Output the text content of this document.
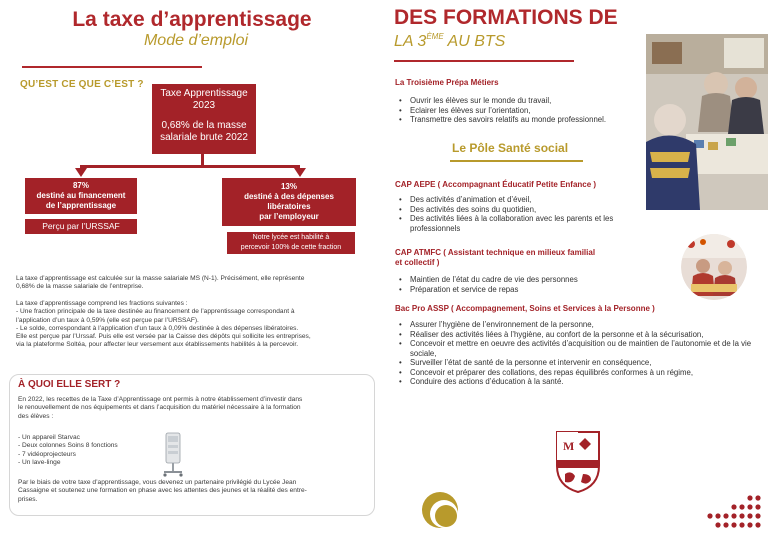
La taxe d’apprentissage
Mode d’emploi
QU’EST CE QUE C’EST ?
Taxe Apprentissage
2023
0,68% de la masse
salariale brute 2022
87%
destiné au financement
de l’apprentissage
Perçu par l’URSSAF
13%
destiné à des dépenses
libératoires
par l’employeur
Notre lycée est habilité à
percevoir 100% de cette fraction
La taxe d’apprentissage est calculée sur la masse salariale MS (N-1). Précisément, elle représente
0,68% de la masse salariale de l’entreprise.
La taxe d’apprentissage comprend les fractions suivantes :
- Une fraction principale de la taxe destinée au financement de l’apprentissage correspondant à
l’application d’un taux à 0,59% (elle est perçue par l’URSSAF).
- Le solde, correspondant à l’application d’un taux à 0,09% destinée à des dépenses libératoires.
Elle est perçue par l’Urssaf. Puis elle est versée par la Caisse des dépôts qui sollicite les entreprises,
via la plateforme Soltéa, pour affecter leur versement aux établissements habilités à la percevoir.
À QUOI ELLE SERT ?
En 2022, les recettes de la Taxe d’Apprentissage ont permis à notre établissement d’investir dans
le renouvellement de nos équipements et dans l’acquisition du matériel nécessaire à la formation
des élèves :
- Un appareil Starvac
- Deux colonnes Soins 8 fonctions
- 7 vidéoprojecteurs
- Un lave-linge
Par le biais de votre taxe d’apprentissage, vous devenez un partenaire privilégié du Lycée Jean
Cassaigne et soutenez une formation en phase avec les attentes des jeunes et la réalité des entre-
prises.
DES FORMATIONS DE
LA 3ÈME AU BTS
La Troisième Prépa Métiers
• Ouvrir les élèves sur le monde du travail,
• Eclairer les élèves sur l’orientation,
• Transmettre des savoirs relatifs au monde professionnel.
Le Pôle Santé social
CAP AEPE ( Accompagnant Éducatif Petite Enfance )
• Des activités d’animation et d’éveil,
• Des activités des soins du quotidien,
• Des activités liées à la collaboration avec les parents et les professionnels
CAP ATMFC ( Assistant technique en milieux familial
et collectif )
• Maintien de l’état du cadre de vie des personnes
• Préparation et service de repas
Bac Pro ASSP ( Accompagnement, Soins et Services à la Personne )
• Assurer l’hygiène de l’environnement de la personne,
• Réaliser des activités liées à l’hygiène, au confort de la personne et à la sécurisation,
• Concevoir et mettre en oeuvre des activités d’acquisition ou de maintien de l’autonomie et de la vie sociale,
• Surveiller l’état de santé de la personne et intervenir en conséquence,
• Concevoir et préparer des collations, des repas équilibrés conformes à un régime,
• Conduire des actions d’éducation à la santé.
M
